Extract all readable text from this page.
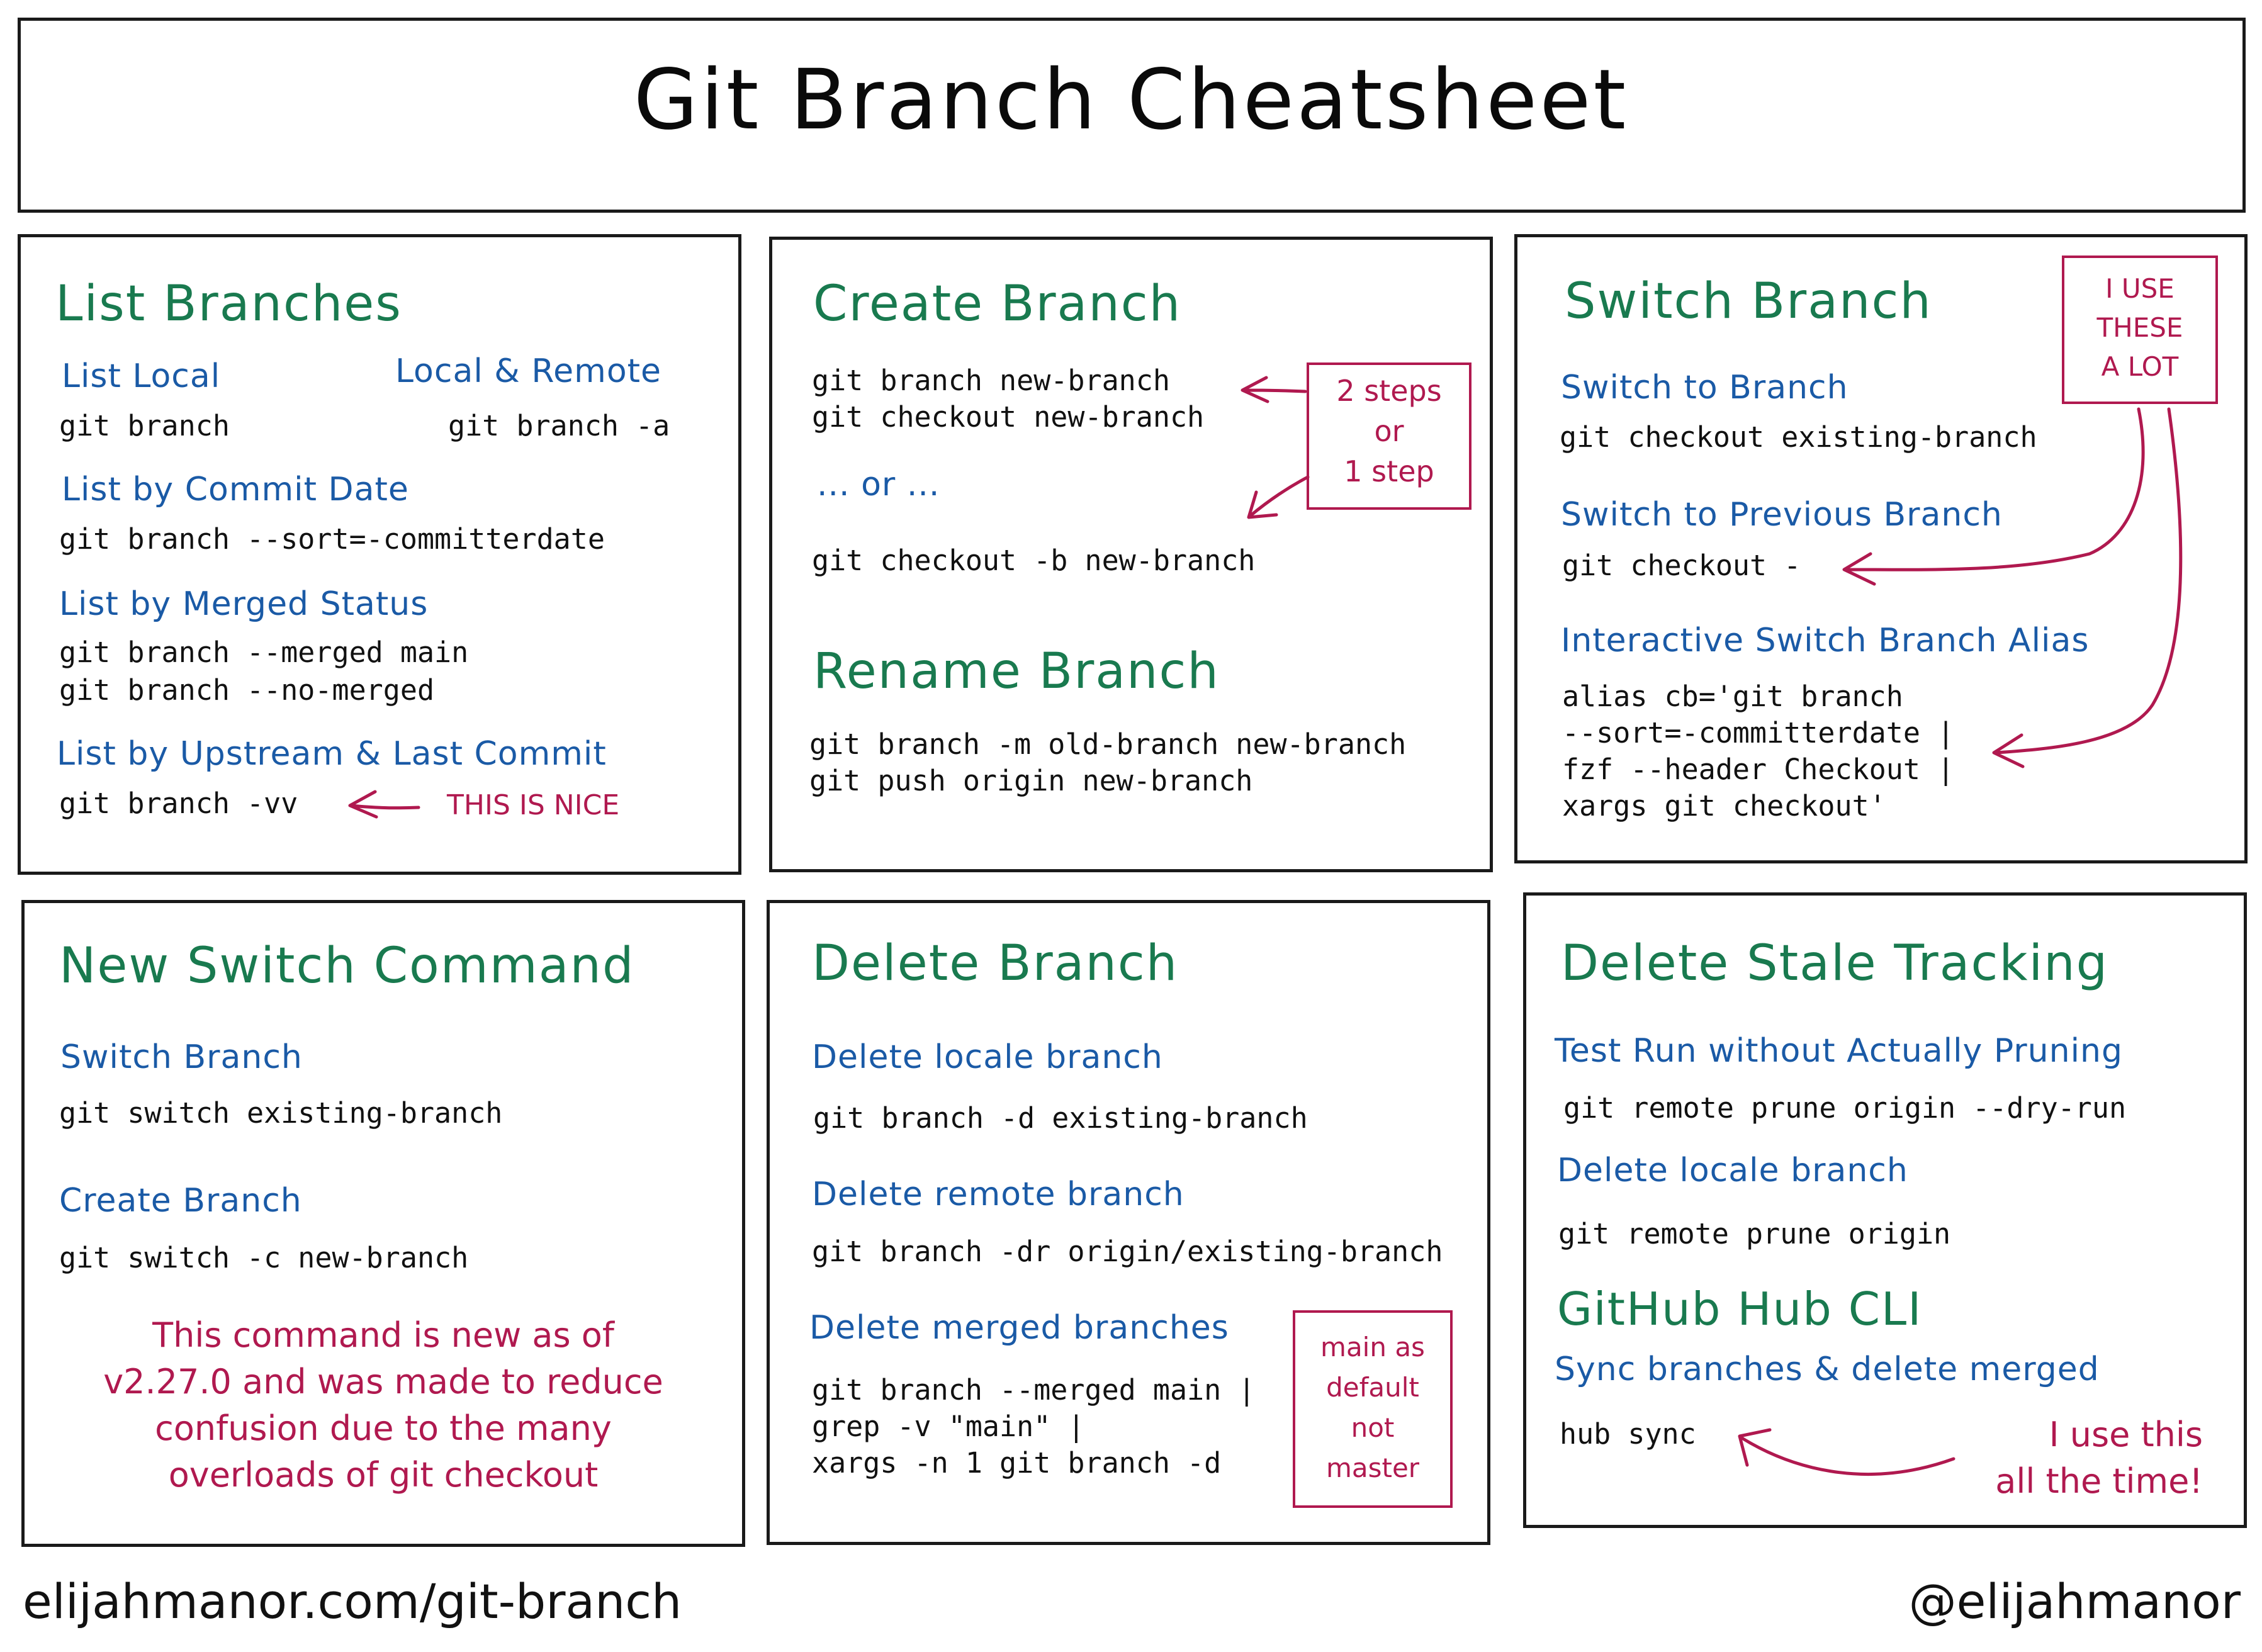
Git Branch Cheatsheet
List Branches
List Local
git branch
Local & Remote
git branch -a
List by Commit Date
git branch --sort=-committerdate
List by Merged Status
git branch --merged main
git branch --no-merged
List by Upstream & Last Commit
git branch -vv	THIS IS NICE
Create Branch
git branch new-branch
git checkout new-branch
... or ...
git checkout -b new-branch
2 steps
or
1 step
Rename Branch
git branch -m old-branch new-branch
git push origin new-branch
Switch Branch	I USE
THESE
A LOT
Switch to Branch
git checkout existing-branch
Switch to Previous Branch
git checkout -
Interactive Switch Branch Alias
alias cb='git branch
--sort=-committerdate |
fzf --header Checkout |
xargs git checkout'
New Switch Command
Switch Branch
git switch existing-branch
Create Branch
git switch -c new-branch
This command is new as of
v2.27.0 and was made to reduce
confusion due to the many
overloads of git checkout
Delete Branch
Delete locale branch
git branch -d existing-branch
Delete remote branch
git branch -dr origin/existing-branch
Delete merged branches
git branch --merged main |
grep -v "main" |
xargs -n 1 git branch -d
main as
default
not
master
Delete Stale Tracking
Test Run without Actually Pruning
git remote prune origin --dry-run
Delete locale branch
git remote prune origin
GitHub Hub CLI
Sync branches & delete merged
hub sync	I use this
all the time!
elijahmanor.com/git-branch	@elijahmanor
